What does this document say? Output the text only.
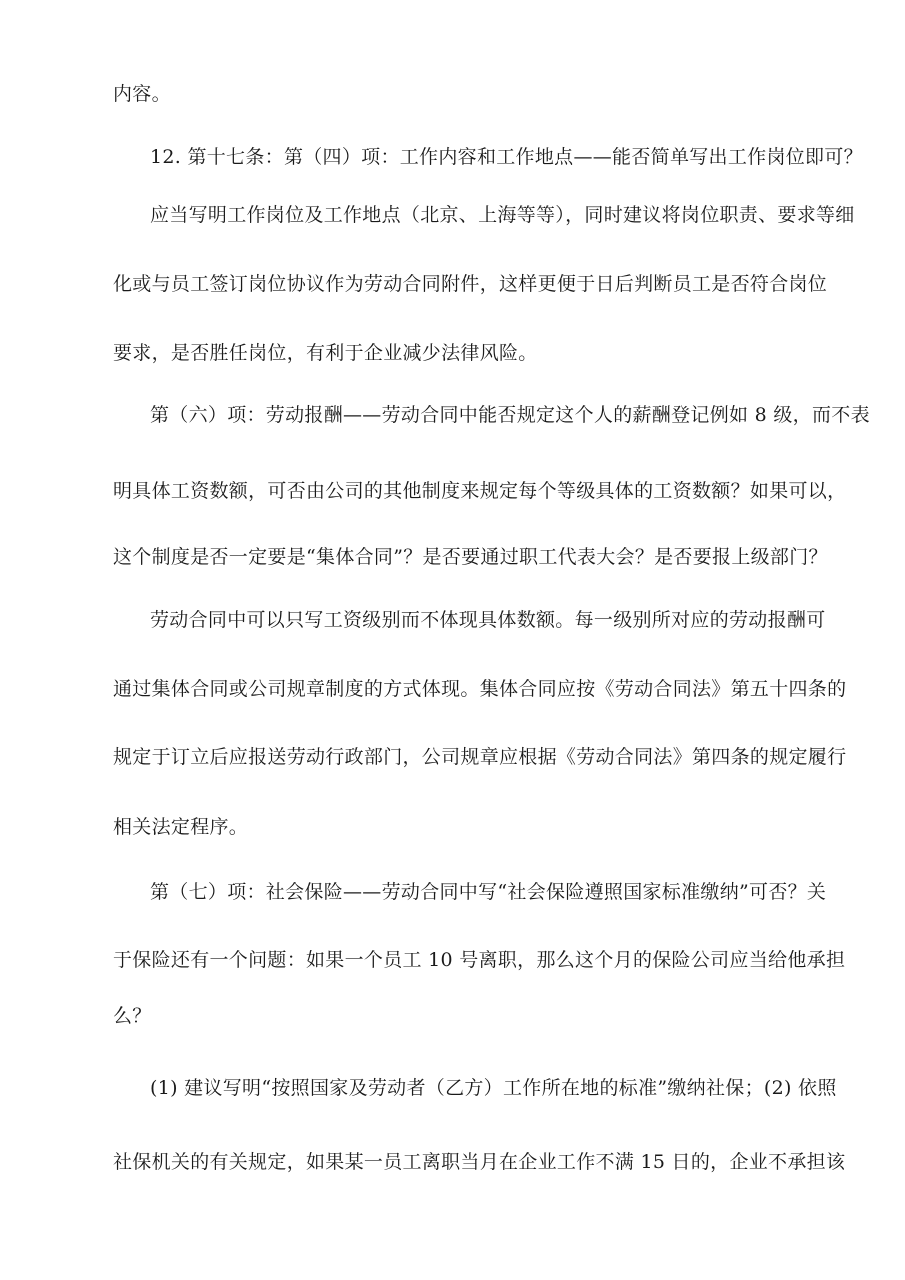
内容。
12. 第十七条：第（四）项：工作内容和工作地点——能否简单写出工作岗位即可？
应当写明工作岗位及工作地点（北京、上海等等），同时建议将岗位职责、要求等细
化或与员工签订岗位协议作为劳动合同附件，这样更便于日后判断员工是否符合岗位
要求，是否胜任岗位，有利于企业减少法律风险。
第（六）项：劳动报酬——劳动合同中能否规定这个人的薪酬登记例如 8 级，而不表
明具体工资数额，可否由公司的其他制度来规定每个等级具体的工资数额？如果可以，
这个制度是否一定要是“集体合同”？是否要通过职工代表大会？是否要报上级部门？
劳动合同中可以只写工资级别而不体现具体数额。每一级别所对应的劳动报酬可
通过集体合同或公司规章制度的方式体现。集体合同应按《劳动合同法》第五十四条的
规定于订立后应报送劳动行政部门，公司规章应根据《劳动合同法》第四条的规定履行
相关法定程序。
第（七）项：社会保险——劳动合同中写“社会保险遵照国家标准缴纳”可否？关
于保险还有一个问题：如果一个员工 10 号离职，那么这个月的保险公司应当给他承担
么？
(1) 建议写明“按照国家及劳动者（乙方）工作所在地的标准”缴纳社保；(2) 依照
社保机关的有关规定，如果某一员工离职当月在企业工作不满 15 日的，企业不承担该
